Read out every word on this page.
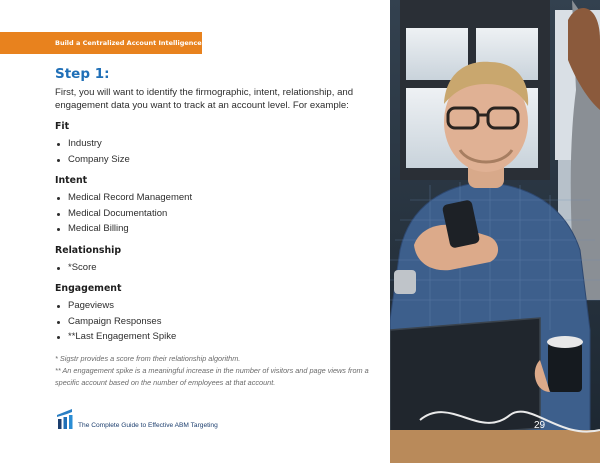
Build a Centralized Account Intelligence Center
Step 1:

First, you will want to identify the firmographic, intent, relationship, and engagement data you want to track at an account level. For example:

Fit
Industry
Company Size
Intent
Medical Record Management
Medical Documentation
Medical Billing
Relationship
*Score
Engagement
Pageviews
Campaign Responses
**Last Engagement Spike

* Sigstr provides a score from their relationship algorithm.

** An engagement spike is a meaningful increase in the number of visitors and page views from a specific account based on the number of employees at that account.

The Complete Guide to Effective ABM Targeting	29
